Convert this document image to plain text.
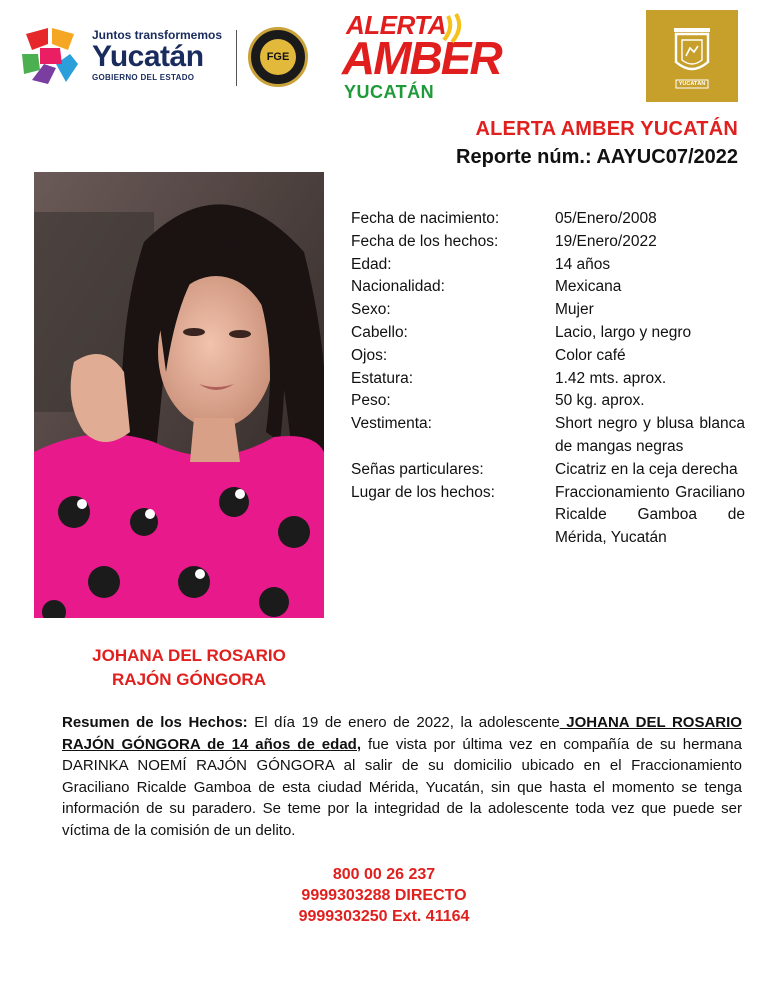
Juntos transformemos
Yucatán
GOBIERNO DEL ESTADO
FGE
ALERTA
AMBER
YUCATÁN	YUCATÁN
ALERTA AMBER YUCATÁN
Reporte núm.: AAYUC07/2022
Fecha de nacimiento:	05/Enero/2008
Fecha de los hechos:	19/Enero/2022
Edad:	14 años
Nacionalidad:	Mexicana
Sexo:	Mujer
Cabello:	Lacio, largo y negro
Ojos:	Color café
Estatura:	1.42 mts. aprox.
Peso:	50 kg. aprox.
Vestimenta:	Short negro y blusa blanca de mangas negras
Señas particulares:	Cicatriz en la ceja derecha
Lugar de los hechos:	Fraccionamiento Graciliano Ricalde Gamboa de Mérida, Yucatán
JOHANA DEL ROSARIO
RAJÓN GÓNGORA
Resumen de los Hechos: El día 19 de enero de 2022, la adolescente JOHANA DEL ROSARIO RAJÓN GÓNGORA de 14 años de edad, fue vista por última vez en compañía de su hermana DARINKA NOEMÍ RAJÓN GÓNGORA al salir de su domicilio ubicado en el Fraccionamiento Graciliano Ricalde Gamboa de esta ciudad Mérida, Yucatán, sin que hasta el momento se tenga información de su paradero. Se teme por la integridad de la adolescente toda vez que puede ser víctima de la comisión de un delito.
800 00 26 237
9999303288 DIRECTO
9999303250 Ext. 41164
